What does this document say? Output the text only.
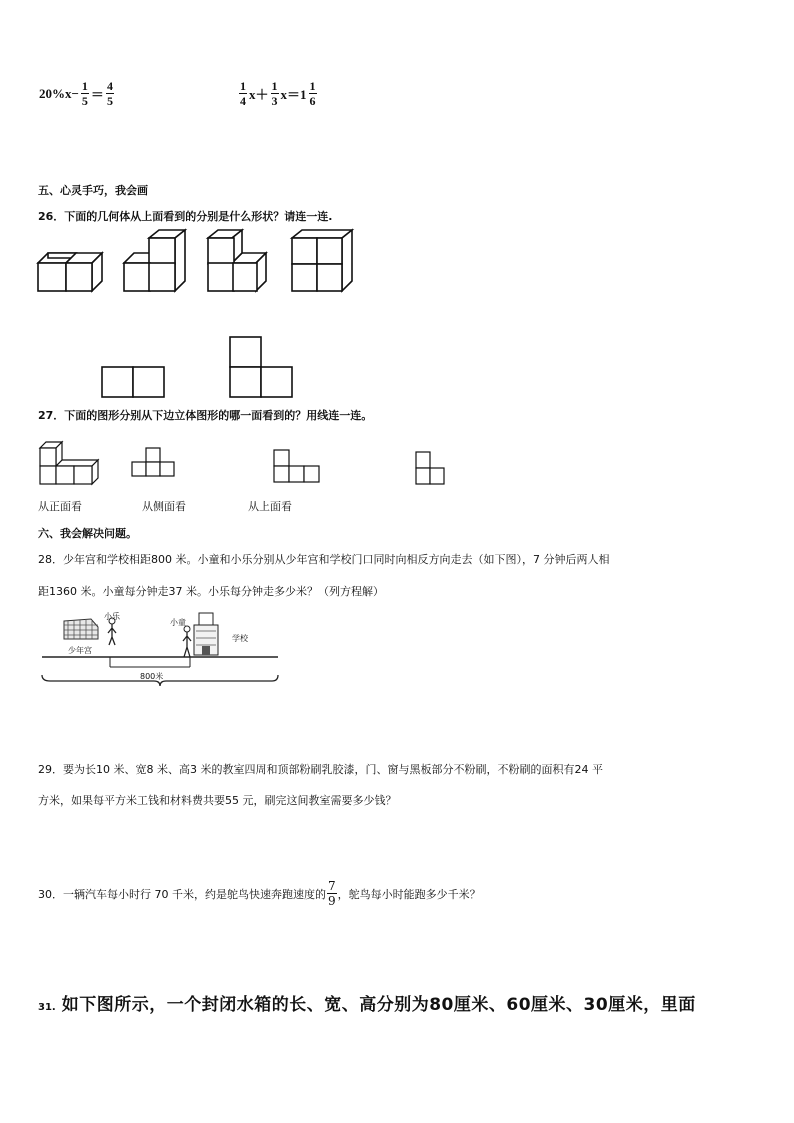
$20\%x- \frac{1}{5} = \frac{4}{5}$	$\frac{1}{4} x+ \frac{1}{3} x=1 \frac{1}{6}$
五、心灵手巧，我会画
26．下面的几何体从上面看到的分别是什么形状？请连一连.
27．下面的图形分别从下边立体图形的哪一面看到的？用线连一连。
从正面看	从侧面看	从上面看
六、我会解决问题。
28．少年宫和学校相距800 米。小童和小乐分别从少年宫和学校门口同时向相反方向走去（如下图），7 分钟后两人相
距1360 米。小童每分钟走37 米。小乐每分钟走多少米？（列方程解）
小乐
小童
少年宫
学校
800米
29．要为长10 米、宽8 米、高3 米的教室四周和顶部粉刷乳胶漆，门、窗与黑板部分不粉刷，不粉刷的面积有24 平
方米，如果每平方米工钱和材料费共要55 元，刷完这间教室需要多少钱？
30．一辆汽车每小时行 70 千米，约是鸵鸟快速奔跑速度的 $\frac{7}{9}$ ，鸵鸟每小时能跑多少千米？
31. 如下图所示，一个封闭水箱的长、宽、高分别为80厘米、60厘米、30厘米，里面
